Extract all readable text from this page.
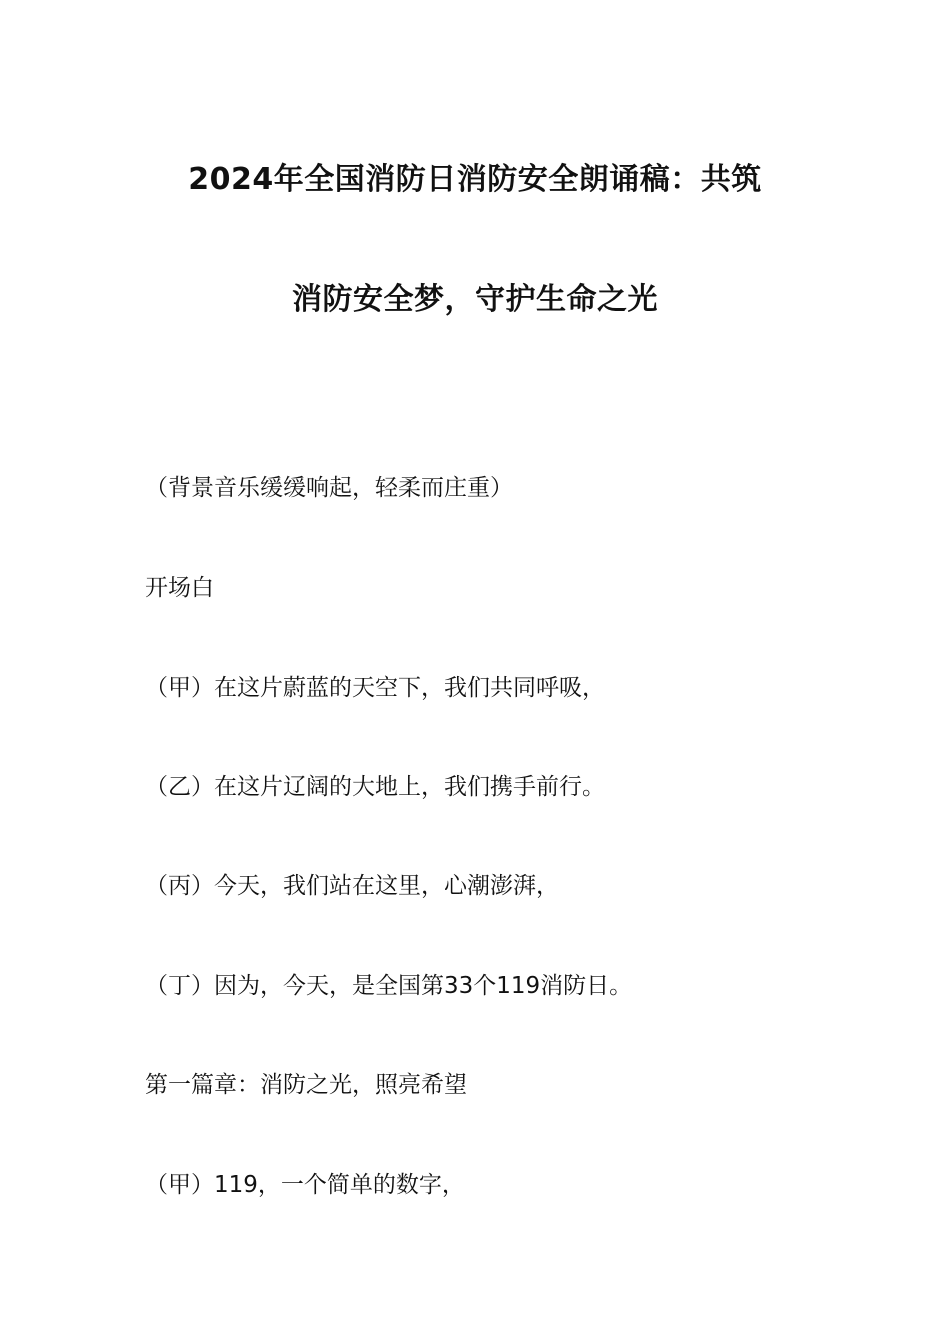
2024年全国消防日消防安全朗诵稿：共筑
消防安全梦，守护生命之光
（背景音乐缓缓响起，轻柔而庄重）
开场白
（甲）在这片蔚蓝的天空下，我们共同呼吸，
（乙）在这片辽阔的大地上，我们携手前行。
（丙）今天，我们站在这里，心潮澎湃，
（丁）因为，今天，是全国第33个119消防日。
第一篇章：消防之光，照亮希望
（甲）119，一个简单的数字，
